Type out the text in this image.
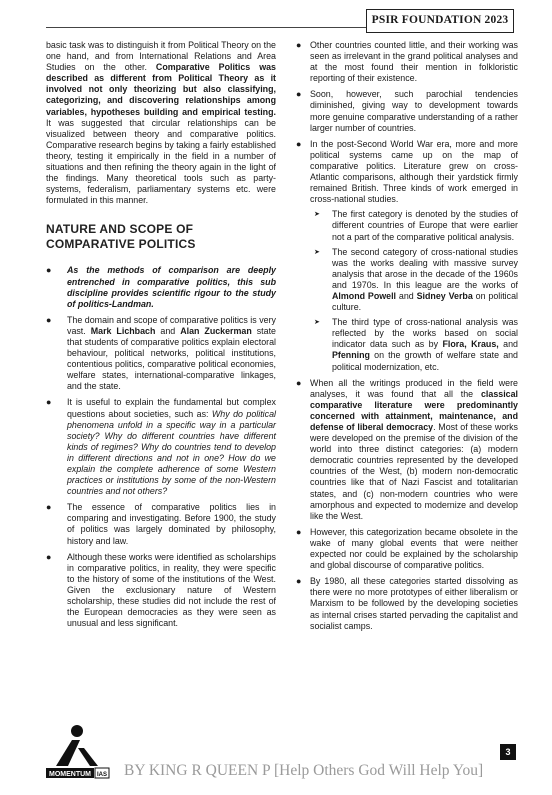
PSIR FOUNDATION 2023

basic task was to distinguish it from Political Theory on the one hand, and from International Relations and Area Studies on the other. Comparative Politics was described as different from Political Theory as it involved not only theorizing but also classifying, categorizing, and discovering relationships among variables, hypotheses building and empirical testing. It was suggested that circular relationships can be visualized between theory and comparative politics. Comparative research begins by taking a fairly established theory, testing it empirically in the field in a number of situations and then refining the theory again in the light of the findings. Many theoretical tools such as party- systems, federalism, parliamentary systems etc. were formulated in this manner.

NATURE AND SCOPE OF COMPARATIVE POLITICS
● As the methods of comparison are deeply entrenched in comparative politics, this sub discipline provides scientific rigour to the study of politics-Landman.
● The domain and scope of comparative politics is very vast. Mark Lichbach and Alan Zuckerman state that students of comparative politics explain electoral behaviour, political networks, political institutions, contentious politics, comparative political economies, welfare states, international-comparative linkages, and the state.
● It is useful to explain the fundamental but complex questions about societies, such as: Why do political phenomena unfold in a specific way in a particular society? Why do different countries have different kinds of regimes? Why do countries tend to develop in different directions and not in one? How do we explain the complete adherence of some Western practices or institutions by some of the non-Western countries and not others?
● The essence of comparative politics lies in comparing and investigating. Before 1900, the study of politics was largely dominated by philosophy, history and law.
● Although these works were identified as scholarships in comparative politics, in reality, they were specific to the history of some of the institutions of the West. Given the exclusionary nature of Western scholarship, these studies did not include the rest of the European democracies as they were seen as unusual and less significant.
● Other countries counted little, and their working was seen as irrelevant in the grand political analyses and at the most found their mention in folkloristic reporting of their existence.
● Soon, however, such parochial tendencies diminished, giving way to development towards more genuine comparative understanding of a rather larger number of countries.
● In the post-Second World War era, more and more political systems came up on the map of comparative politics. Literature grew on cross-Atlantic comparisons, although their yardstick firmly remained British. Three kinds of work emerged in cross-national studies.
➤ The first category is denoted by the studies of different countries of Europe that were earlier not a part of the comparative political analysis.
➤ The second category of cross-national studies was the works dealing with massive survey analysis that arose in the decade of the 1960s and 1970s. In this league are the works of Almond Powell and Sidney Verba on political culture.
➤ The third type of cross-national analysis was reflected by the works based on social indicator data such as by Flora, Kraus, and Pfenning on the growth of welfare state and political modernization, etc.
● When all the writings produced in the field were analyses, it was found that all the classical comparative literature were predominantly concerned with attainment, maintenance, and defense of liberal democracy. Most of these works were developed on the premise of the division of the world into three distinct categories: (a) modern democratic countries represented by the developed countries of the West, (b) modern non-democratic countries like that of Nazi Fascist and totalitarian states, and (c) non-modern countries who were amorphous and expected to modernize and develop like the West.
● However, this categorization became obsolete in the wake of many global events that were neither expected nor could be explained by the scholarship and global discourse of comparative politics.
● By 1980, all these categories started dissolving as there were no more prototypes of either liberalism or Marxism to be followed by the developing societies as internal crises started pervading the capitalist and socialist camps.
MOMENTUM IAS BY KING R QUEEN P [Help Others God Will Help You]
3
